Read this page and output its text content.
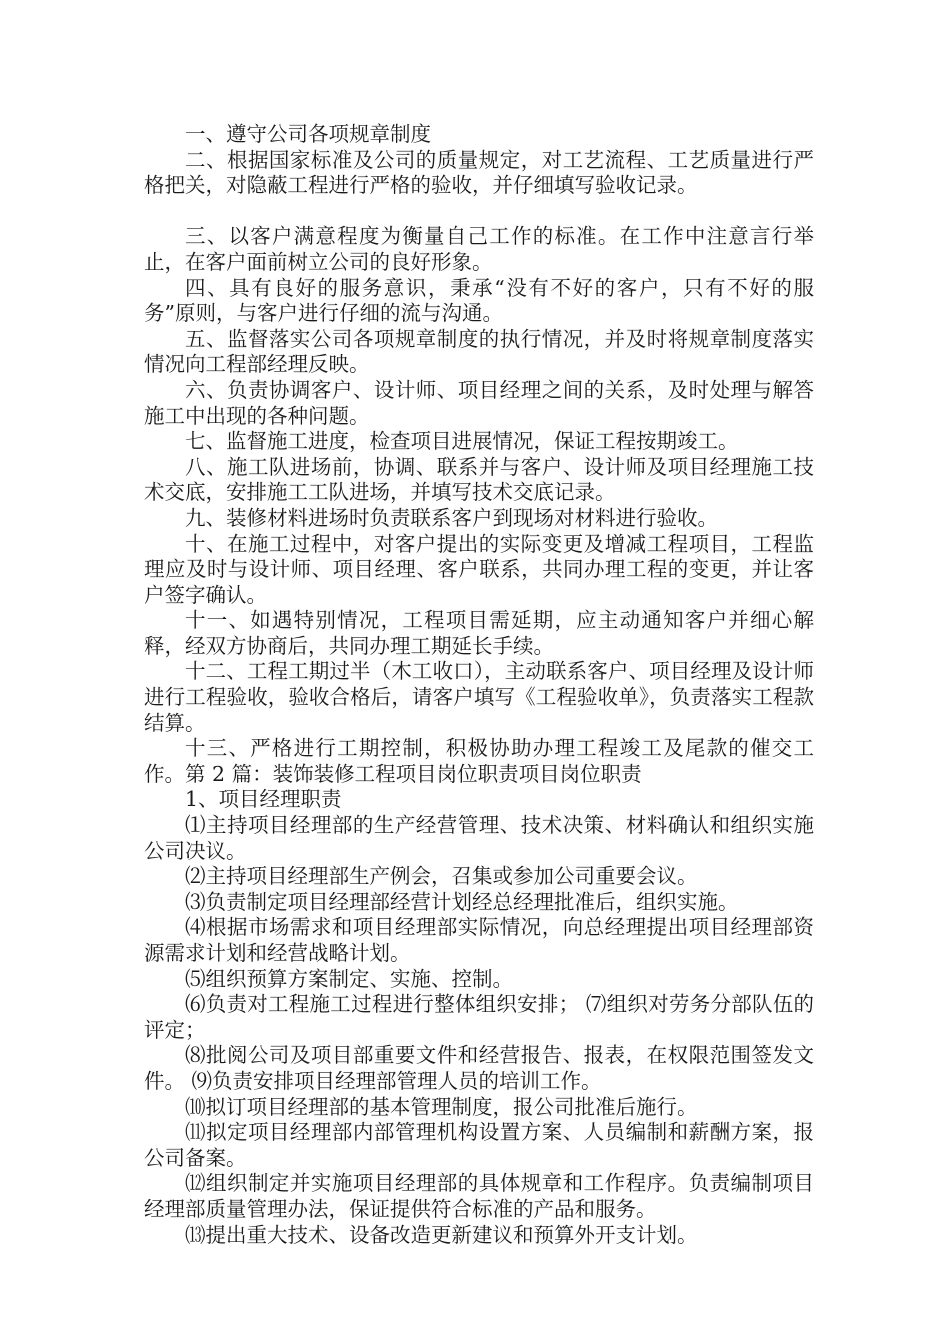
一、遵守公司各项规章制度

二、根据国家标准及公司的质量规定，对工艺流程、工艺质量进行严格把关，对隐蔽工程进行严格的验收，并仔细填写验收记录。

三、以客户满意程度为衡量自己工作的标准。在工作中注意言行举止，在客户面前树立公司的良好形象。

四、具有良好的服务意识，秉承“没有不好的客户，只有不好的服务”原则，与客户进行仔细的流与沟通。

五、监督落实公司各项规章制度的执行情况，并及时将规章制度落实情况向工程部经理反映。

六、负责协调客户、设计师、项目经理之间的关系，及时处理与解答施工中出现的各种问题。

七、监督施工进度，检查项目进展情况，保证工程按期竣工。

八、施工队进场前，协调、联系并与客户、设计师及项目经理施工技术交底，安排施工工队进场，并填写技术交底记录。

九、装修材料进场时负责联系客户到现场对材料进行验收。

十、在施工过程中，对客户提出的实际变更及增减工程项目，工程监理应及时与设计师、项目经理、客户联系，共同办理工程的变更，并让客户签字确认。

十一、如遇特别情况，工程项目需延期，应主动通知客户并细心解释，经双方协商后，共同办理工期延长手续。

十二、工程工期过半（木工收口），主动联系客户、项目经理及设计师进行工程验收，验收合格后，请客户填写《工程验收单》，负责落实工程款结算。

十三、严格进行工期控制，积极协助办理工程竣工及尾款的催交工作。第 2 篇：装饰装修工程项目岗位职责项目岗位职责

1、项目经理职责

⑴主持项目经理部的生产经营管理、技术决策、材料确认和组织实施公司决议。

⑵主持项目经理部生产例会，召集或参加公司重要会议。

⑶负责制定项目经理部经营计划经总经理批准后，组织实施。

⑷根据市场需求和项目经理部实际情况，向总经理提出项目经理部资源需求计划和经营战略计划。

⑸组织预算方案制定、实施、控制。

⑹负责对工程施工过程进行整体组织安排； ⑺组织对劳务分部队伍的评定；

⑻批阅公司及项目部重要文件和经营报告、报表，在权限范围签发文件。 ⑼负责安排项目经理部管理人员的培训工作。

⑽拟订项目经理部的基本管理制度，报公司批准后施行。

⑾拟定项目经理部内部管理机构设置方案、人员编制和薪酬方案，报公司备案。

⑿组织制定并实施项目经理部的具体规章和工作程序。负责编制项目经理部质量管理办法，保证提供符合标准的产品和服务。

⒀提出重大技术、设备改造更新建议和预算外开支计划。
